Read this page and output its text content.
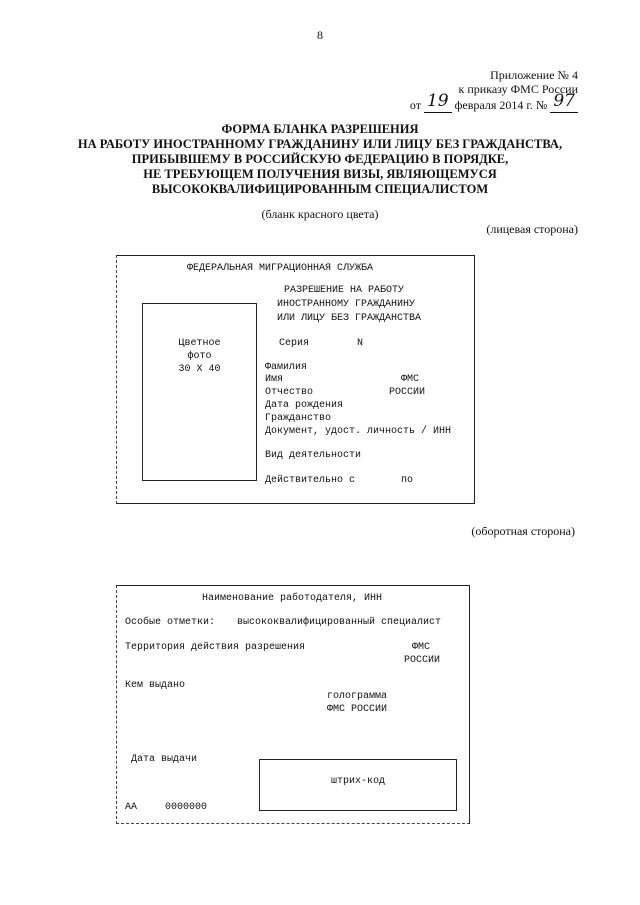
8
Приложение № 4
к приказу ФМС России
от 19 февраля 2014 г. № 97
ФОРМА БЛАНКА РАЗРЕШЕНИЯ
НА РАБОТУ ИНОСТРАННОМУ ГРАЖДАНИНУ ИЛИ ЛИЦУ БЕЗ ГРАЖДАНСТВА,
ПРИБЫВШЕМУ В РОССИЙСКУЮ ФЕДЕРАЦИЮ В ПОРЯДКЕ,
НЕ ТРЕБУЮЩЕМ ПОЛУЧЕНИЯ ВИЗЫ, ЯВЛЯЮЩЕМУСЯ
ВЫСОКОКВАЛИФИЦИРОВАННЫМ СПЕЦИАЛИСТОМ
(бланк красного цвета)
(лицевая сторона)
ФЕДЕРАЛЬНАЯ МИГРАЦИОННАЯ СЛУЖБА
РАЗРЕШЕНИЕ НА РАБОТУ
ИНОСТРАННОМУ ГРАЖДАНИНУ
ИЛИ ЛИЦУ БЕЗ ГРАЖДАНСТВА
Цветное
фото
30 Х 40
Серия	N
Фамилия
Имя
Отчество
ФМС
РОССИИ
Дата рождения
Гражданство
Документ, удост. личность / ИНН
Вид деятельности
Действительно с	по
(оборотная сторона)
Наименование работодателя, ИНН
Особые отметки: высококвалифицированный специалист
Территория действия разрешения	ФМС
РОССИИ
Кем выдано
голограмма
ФМС РОССИИ
Дата выдачи
штрих-код
АА	0000000
